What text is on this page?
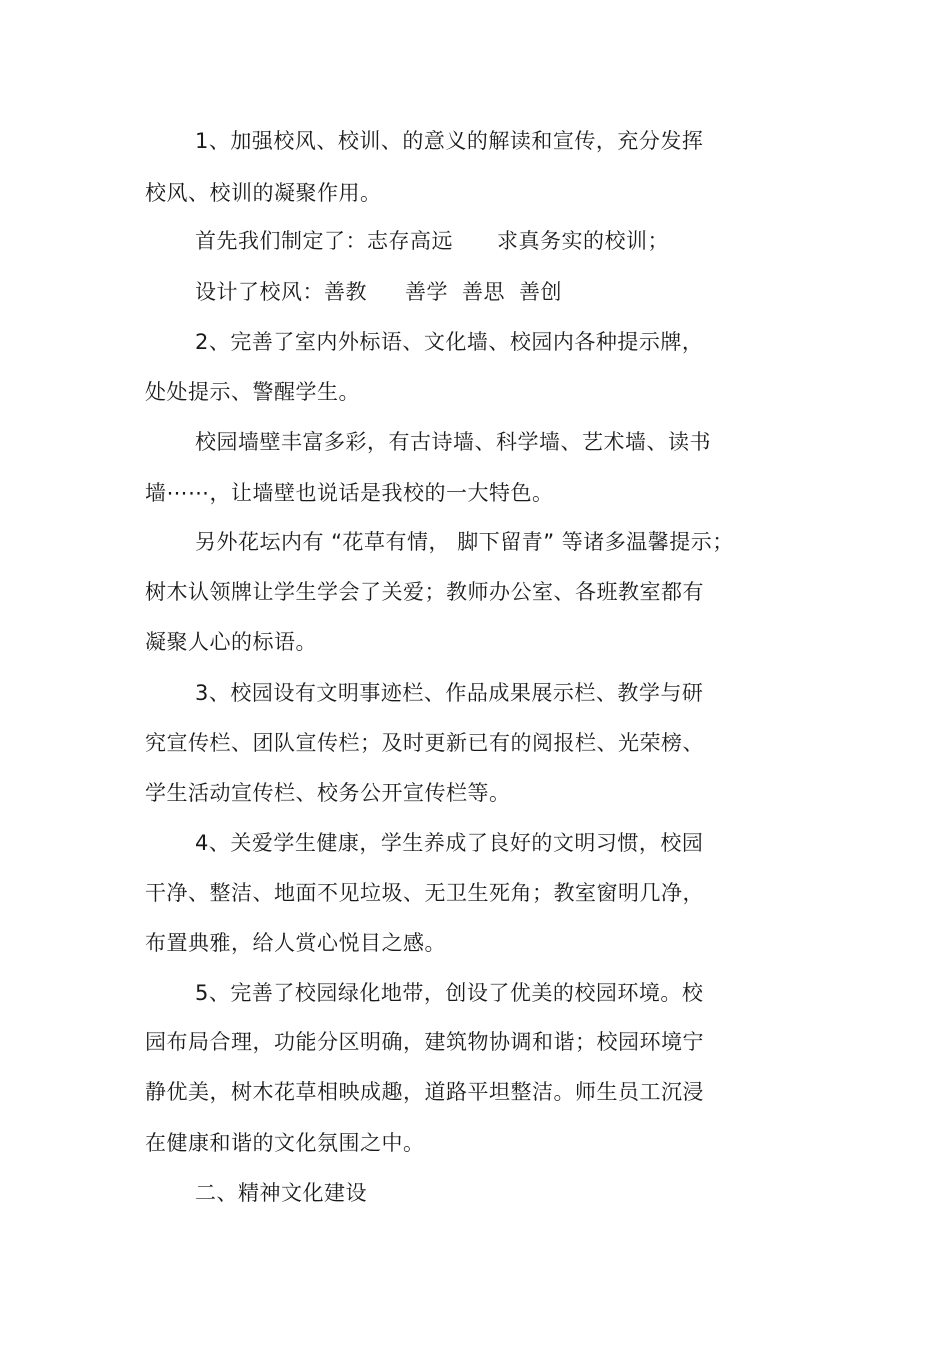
1、加强校风、校训、的意义的解读和宣传，充分发挥
校风、校训的凝聚作用。
首先我们制定了：志存高远 求真务实的校训；
设计了校风：善教 善学 善思 善创
2、完善了室内外标语、文化墙、校园内各种提示牌，
处处提示、警醒学生。
校园墙壁丰富多彩，有古诗墙、科学墙、艺术墙、读书
墙⋯⋯，让墙壁也说话是我校的一大特色。
另外花坛内有 “花草有情， 脚下留青” 等诸多温馨提示；
树木认领牌让学生学会了关爱；教师办公室、各班教室都有
凝聚人心的标语。
3、校园设有文明事迹栏、作品成果展示栏、教学与研
究宣传栏、团队宣传栏；及时更新已有的阅报栏、光荣榜、
学生活动宣传栏、校务公开宣传栏等。
4、关爱学生健康，学生养成了良好的文明习惯，校园
干净、整洁、地面不见垃圾、无卫生死角；教室窗明几净，
布置典雅，给人赏心悦目之感。
5、完善了校园绿化地带，创设了优美的校园环境。校
园布局合理，功能分区明确，建筑物协调和谐；校园环境宁
静优美，树木花草相映成趣，道路平坦整洁。师生员工沉浸
在健康和谐的文化氛围之中。
二、精神文化建设
